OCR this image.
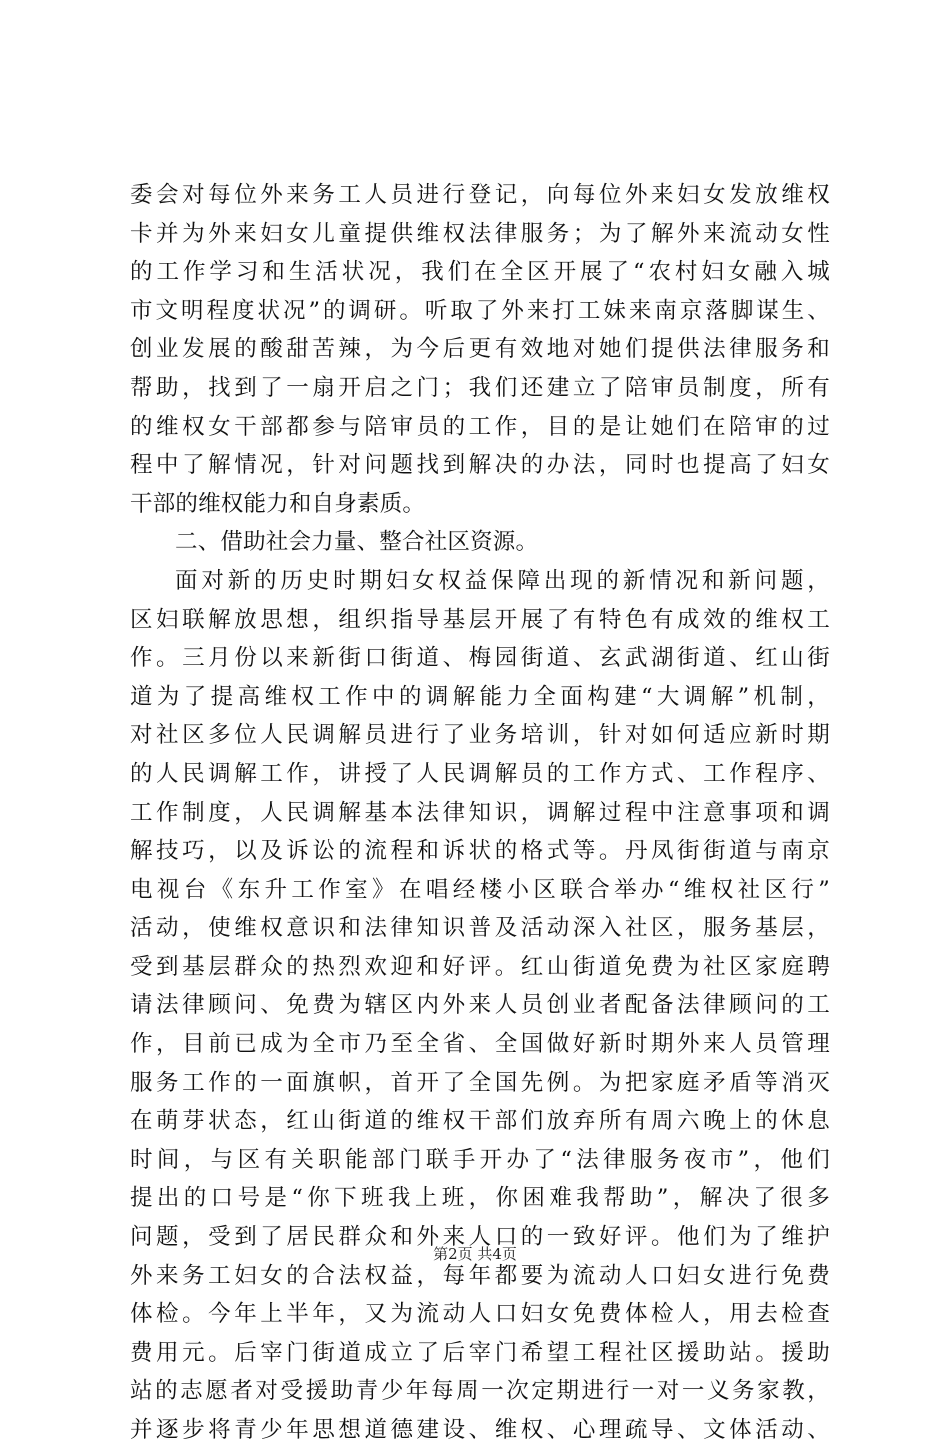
委会对每位外来务工人员进行登记，向每位外来妇女发放维权
卡并为外来妇女儿童提供维权法律服务；为了解外来流动女性
的工作学习和生活状况，我们在全区开展了“农村妇女融入城
市文明程度状况”的调研。听取了外来打工妹来南京落脚谋生、
创业发展的酸甜苦辣，为今后更有效地对她们提供法律服务和
帮助，找到了一扇开启之门；我们还建立了陪审员制度，所有
的维权女干部都参与陪审员的工作，目的是让她们在陪审的过
程中了解情况，针对问题找到解决的办法，同时也提高了妇女
干部的维权能力和自身素质。
二、借助社会力量、整合社区资源。
面对新的历史时期妇女权益保障出现的新情况和新问题，
区妇联解放思想，组织指导基层开展了有特色有成效的维权工
作。三月份以来新街口街道、梅园街道、玄武湖街道、红山街
道为了提高维权工作中的调解能力全面构建“大调解”机制，
对社区多位人民调解员进行了业务培训，针对如何适应新时期
的人民调解工作，讲授了人民调解员的工作方式、工作程序、
工作制度，人民调解基本法律知识，调解过程中注意事项和调
解技巧，以及诉讼的流程和诉状的格式等。丹凤街街道与南京
电视台《东升工作室》在唱经楼小区联合举办“维权社区行”
活动，使维权意识和法律知识普及活动深入社区，服务基层，
受到基层群众的热烈欢迎和好评。红山街道免费为社区家庭聘
请法律顾问、免费为辖区内外来人员创业者配备法律顾问的工
作，目前已成为全市乃至全省、全国做好新时期外来人员管理
服务工作的一面旗帜，首开了全国先例。为把家庭矛盾等消灭
在萌芽状态，红山街道的维权干部们放弃所有周六晚上的休息
时间，与区有关职能部门联手开办了“法律服务夜市”，他们
提出的口号是“你下班我上班，你困难我帮助”，解决了很多
问题，受到了居民群众和外来人口的一致好评。他们为了维护
外来务工妇女的合法权益，每年都要为流动人口妇女进行免费
体检。今年上半年，又为流动人口妇女免费体检人，用去检查
费用元。后宰门街道成立了后宰门希望工程社区援助站。援助
站的志愿者对受援助青少年每周一次定期进行一对一义务家教，
并逐步将青少年思想道德建设、维权、心理疏导、文体活动、
第2页 共4页
